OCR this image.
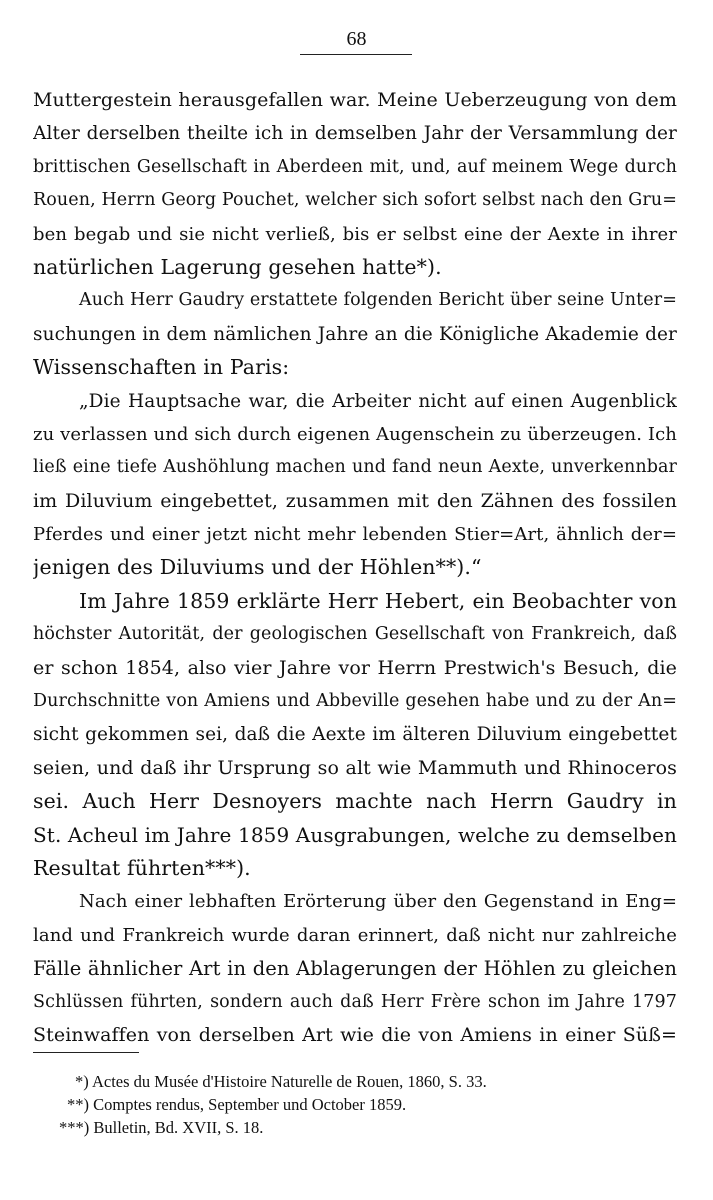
68
Muttergestein herausgefallen war. Meine Ueberzeugung von dem
Alter derselben theilte ich in demselben Jahr der Versammlung der
brittischen Gesellschaft in Aberdeen mit, und, auf meinem Wege durch
Rouen, Herrn Georg Pouchet, welcher sich sofort selbst nach den Gru=
ben begab und sie nicht verließ, bis er selbst eine der Aexte in ihrer
natürlichen Lagerung gesehen hatte*).
Auch Herr Gaudry erstattete folgenden Bericht über seine Unter=
suchungen in dem nämlichen Jahre an die Königliche Akademie der
Wissenschaften in Paris:
„Die Hauptsache war, die Arbeiter nicht auf einen Augenblick
zu verlassen und sich durch eigenen Augenschein zu überzeugen. Ich
ließ eine tiefe Aushöhlung machen und fand neun Aexte, unverkennbar
im Diluvium eingebettet, zusammen mit den Zähnen des fossilen
Pferdes und einer jetzt nicht mehr lebenden Stier=Art, ähnlich der=
jenigen des Diluviums und der Höhlen**).“
Im Jahre 1859 erklärte Herr Hebert, ein Beobachter von
höchster Autorität, der geologischen Gesellschaft von Frankreich, daß
er schon 1854, also vier Jahre vor Herrn Prestwich's Besuch, die
Durchschnitte von Amiens und Abbeville gesehen habe und zu der An=
sicht gekommen sei, daß die Aexte im älteren Diluvium eingebettet
seien, und daß ihr Ursprung so alt wie Mammuth und Rhinoceros
sei. Auch Herr Desnoyers machte nach Herrn Gaudry in
St. Acheul im Jahre 1859 Ausgrabungen, welche zu demselben
Resultat führten***).
Nach einer lebhaften Erörterung über den Gegenstand in Eng=
land und Frankreich wurde daran erinnert, daß nicht nur zahlreiche
Fälle ähnlicher Art in den Ablagerungen der Höhlen zu gleichen
Schlüssen führten, sondern auch daß Herr Frère schon im Jahre 1797
Steinwaffen von derselben Art wie die von Amiens in einer Süß=
*) Actes du Musée d'Histoire Naturelle de Rouen, 1860, S. 33.
**) Comptes rendus, September und October 1859.
***) Bulletin, Bd. XVII, S. 18.
